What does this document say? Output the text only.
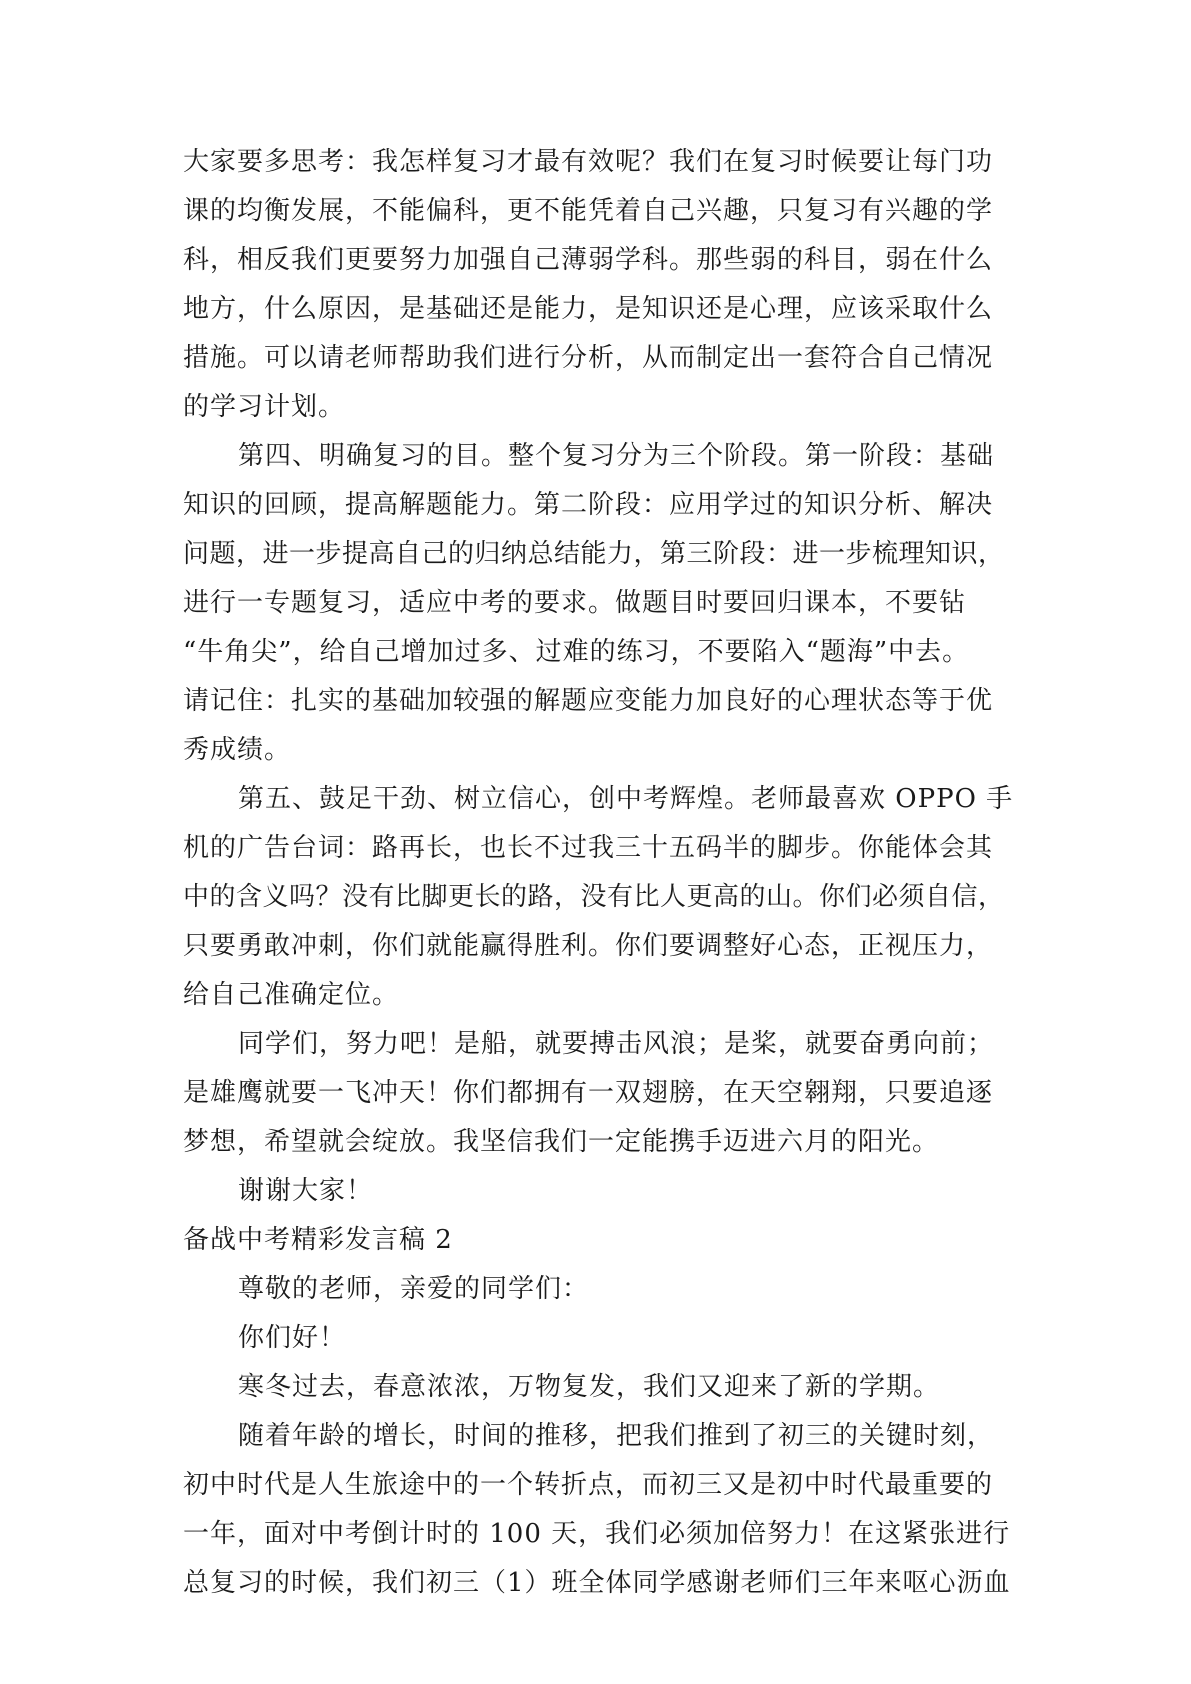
大家要多思考：我怎样复习才最有效呢？我们在复习时候要让每门功
课的均衡发展，不能偏科，更不能凭着自己兴趣，只复习有兴趣的学
科，相反我们更要努力加强自己薄弱学科。那些弱的科目，弱在什么
地方，什么原因，是基础还是能力，是知识还是心理，应该采取什么
措施。可以请老师帮助我们进行分析，从而制定出一套符合自己情况
的学习计划。
第四、明确复习的目。整个复习分为三个阶段。第一阶段：基础
知识的回顾，提高解题能力。第二阶段：应用学过的知识分析、解决
问题，进一步提高自己的归纳总结能力，第三阶段：进一步梳理知识，
进行一专题复习，适应中考的要求。做题目时要回归课本，不要钻
“牛角尖”，给自己增加过多、过难的练习，不要陷入“题海”中去。
请记住：扎实的基础加较强的解题应变能力加良好的心理状态等于优
秀成绩。
第五、鼓足干劲、树立信心，创中考辉煌。老师最喜欢 OPPO 手
机的广告台词：路再长，也长不过我三十五码半的脚步。你能体会其
中的含义吗？没有比脚更长的路，没有比人更高的山。你们必须自信，
只要勇敢冲刺，你们就能赢得胜利。你们要调整好心态，正视压力，
给自己准确定位。
同学们，努力吧！是船，就要搏击风浪；是桨，就要奋勇向前；
是雄鹰就要一飞冲天！你们都拥有一双翅膀，在天空翱翔，只要追逐
梦想，希望就会绽放。我坚信我们一定能携手迈进六月的阳光。
谢谢大家！
备战中考精彩发言稿 2
尊敬的老师，亲爱的同学们：
你们好！
寒冬过去，春意浓浓，万物复发，我们又迎来了新的学期。
随着年龄的增长，时间的推移，把我们推到了初三的关键时刻，
初中时代是人生旅途中的一个转折点，而初三又是初中时代最重要的
一年，面对中考倒计时的 100 天，我们必须加倍努力！在这紧张进行
总复习的时候，我们初三（1）班全体同学感谢老师们三年来呕心沥血
